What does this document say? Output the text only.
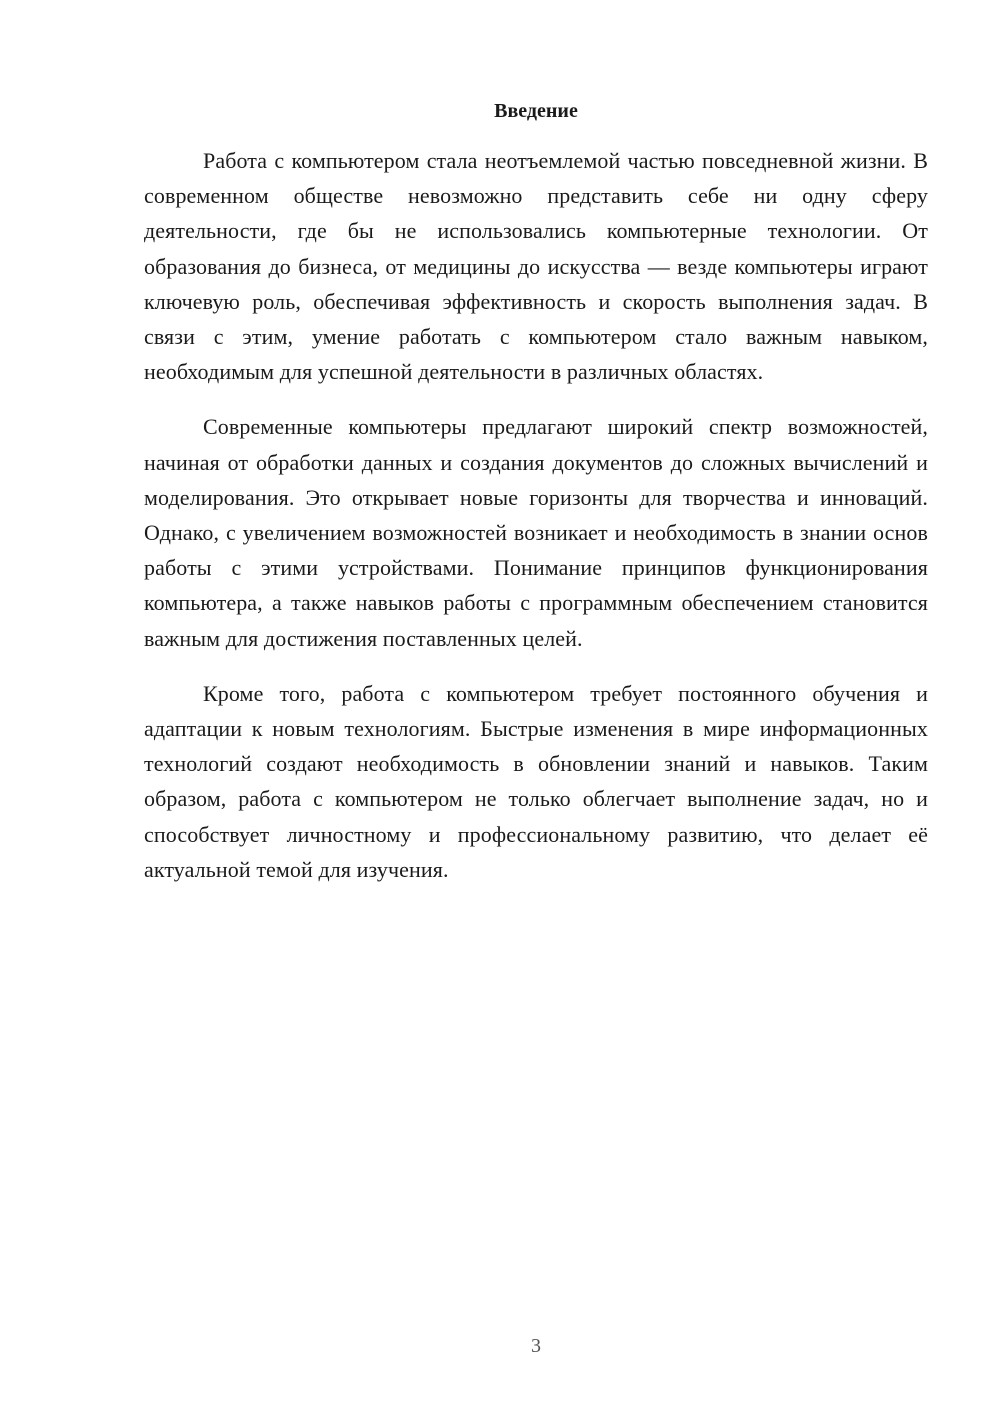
Введение

Работа с компьютером стала неотъемлемой частью повседневной жизни. В современном обществе невозможно представить себе ни одну сферу деятельности, где бы не использовались компьютерные технологии. От образования до бизнеса, от медицины до искусства — везде компьютеры играют ключевую роль, обеспечивая эффективность и скорость выполнения задач. В связи с этим, умение работать с компьютером стало важным навыком, необходимым для успешной деятельности в различных областях.

Современные компьютеры предлагают широкий спектр возможностей, начиная от обработки данных и создания документов до сложных вычислений и моделирования. Это открывает новые горизонты для творчества и инноваций. Однако, с увеличением возможностей возникает и необходимость в знании основ работы с этими устройствами. Понимание принципов функционирования компьютера, а также навыков работы с программным обеспечением становится важным для достижения поставленных целей.

Кроме того, работа с компьютером требует постоянного обучения и адаптации к новым технологиям. Быстрые изменения в мире информационных технологий создают необходимость в обновлении знаний и навыков. Таким образом, работа с компьютером не только облегчает выполнение задач, но и способствует личностному и профессиональному развитию, что делает её актуальной темой для изучения.

3
